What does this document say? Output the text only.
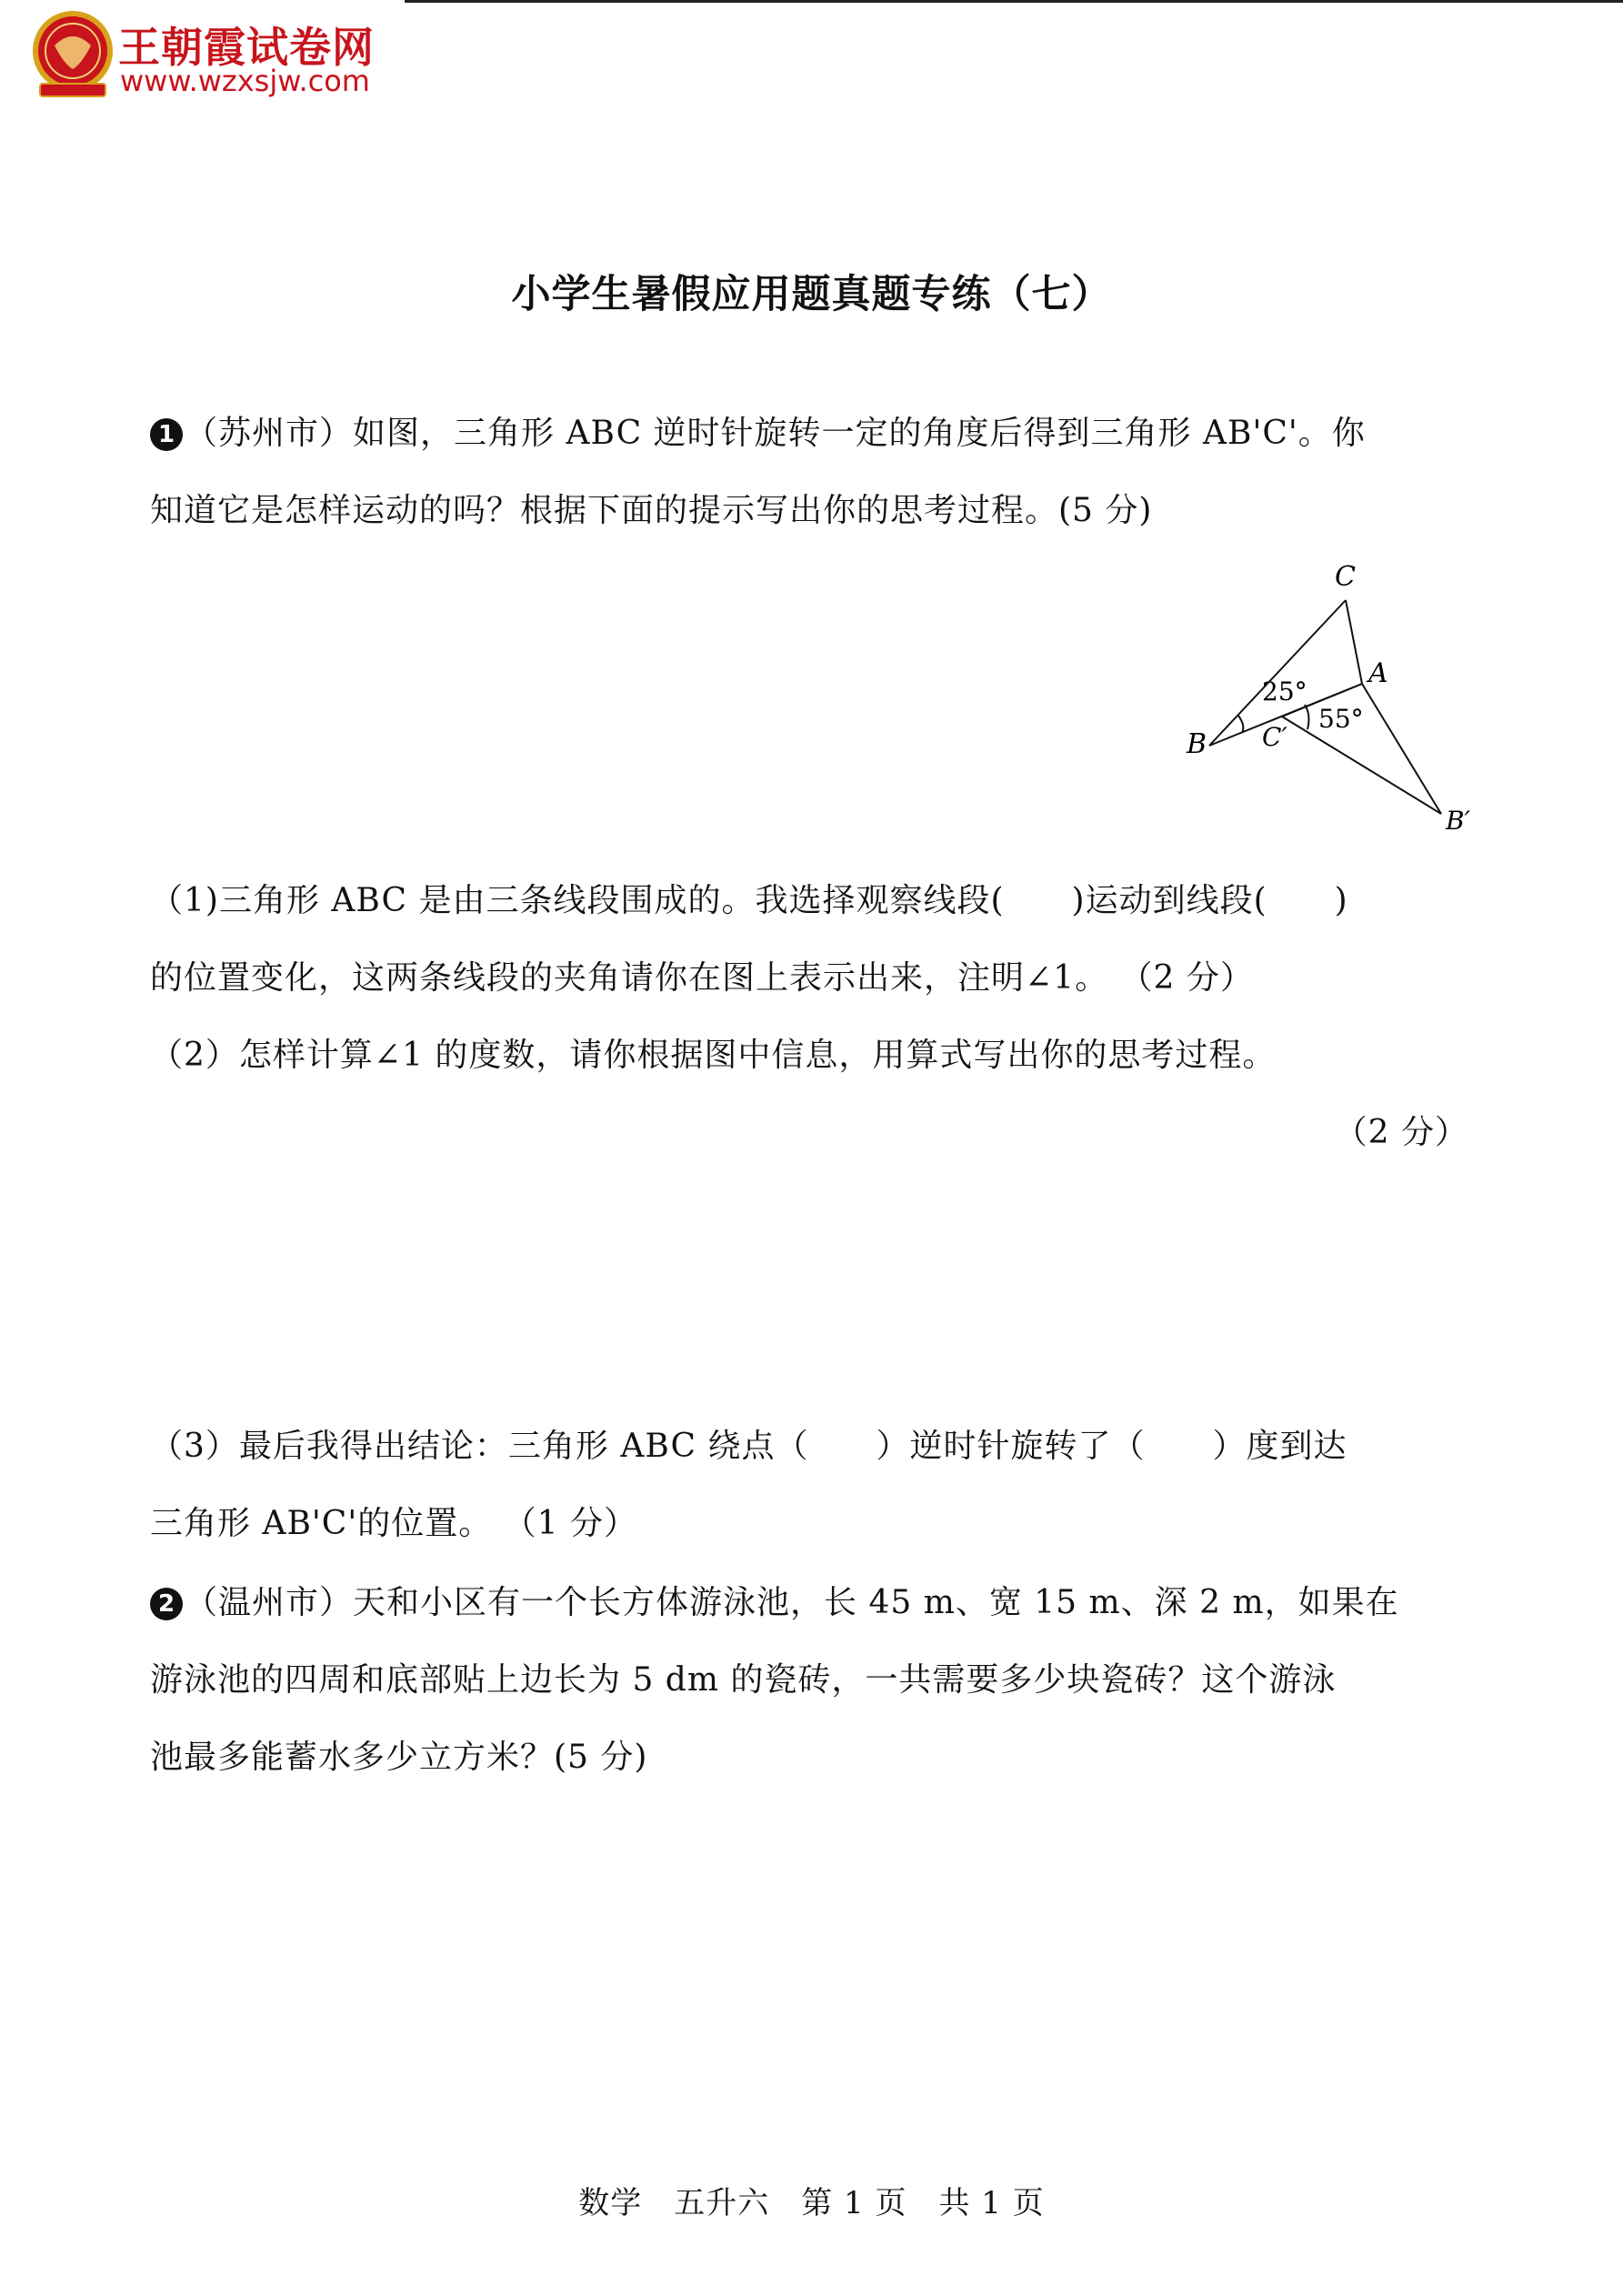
王朝霞试卷网
www.wzxsjw.com
小学生暑假应用题真题专练（七）
1 （苏州市）如图，三角形 ABC 逆时针旋转一定的角度后得到三角形 AB'C'。你
知道它是怎样运动的吗？根据下面的提示写出你的思考过程。(5 分)
C
A
B C′
B′
25°
55°
（1)三角形 ABC 是由三条线段围成的。我选择观察线段(　　)运动到线段(　　)
的位置变化，这两条线段的夹角请你在图上表示出来，注明∠1。 （2 分）
（2）怎样计算∠1 的度数，请你根据图中信息，用算式写出你的思考过程。
（2 分）
（3）最后我得出结论：三角形 ABC 绕点（　　）逆时针旋转了（　　）度到达
三角形 AB'C'的位置。 （1 分）
2 （温州市）天和小区有一个长方体游泳池，长 45 m、宽 15 m、深 2 m，如果在
游泳池的四周和底部贴上边长为 5 dm 的瓷砖，一共需要多少块瓷砖？这个游泳
池最多能蓄水多少立方米？(5 分)
数学　五升六　第 1 页　共 1 页
